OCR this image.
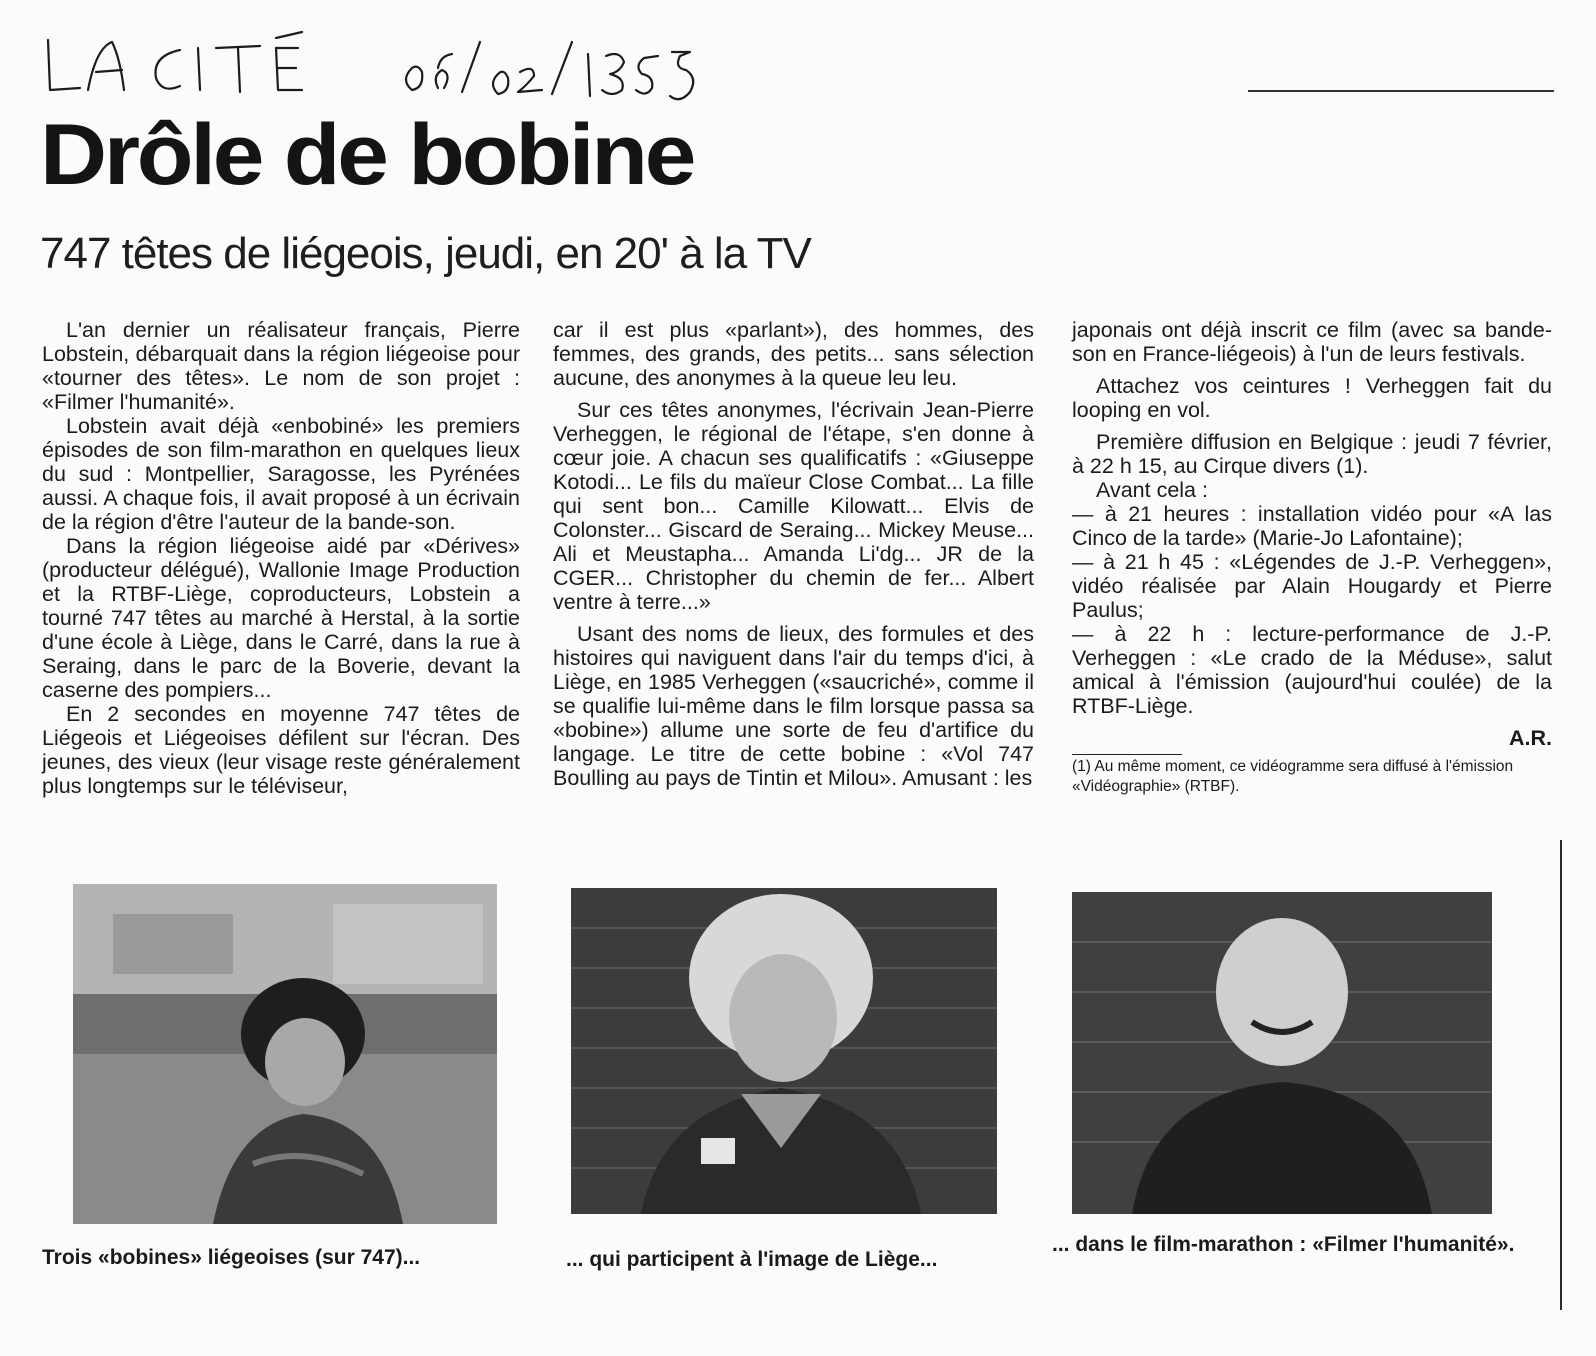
Drôle de bobine
747 têtes de liégeois, jeudi, en 20' à la TV

L'an dernier un réalisateur français, Pierre Lobstein, débarquait dans la région liégeoise pour «tourner des têtes». Le nom de son projet : «Filmer l'humanité».

Lobstein avait déjà «enbobiné» les premiers épisodes de son film-marathon en quelques lieux du sud : Montpellier, Saragosse, les Pyrénées aussi. A chaque fois, il avait proposé à un écrivain de la région d'être l'auteur de la bande-son.

Dans la région liégeoise aidé par «Dérives» (producteur délégué), Wallonie Image Production et la RTBF-Liège, coproducteurs, Lobstein a tourné 747 têtes au marché à Herstal, à la sortie d'une école à Liège, dans le Carré, dans la rue à Seraing, dans le parc de la Boverie, devant la caserne des pompiers...

En 2 secondes en moyenne 747 têtes de Liégeois et Liégeoises défilent sur l'écran. Des jeunes, des vieux (leur visage reste généralement plus longtemps sur le téléviseur,

car il est plus «parlant»), des hommes, des femmes, des grands, des petits... sans sélection aucune, des anonymes à la queue leu leu.

Sur ces têtes anonymes, l'écrivain Jean-Pierre Verheggen, le régional de l'étape, s'en donne à cœur joie. A chacun ses qualificatifs : «Giuseppe Kotodi... Le fils du maïeur Close Combat... La fille qui sent bon... Camille Kilowatt... Elvis de Colonster... Giscard de Seraing... Mickey Meuse... Ali et Meustapha... Amanda Li'dg... JR de la CGER... Christopher du chemin de fer... Albert ventre à terre...»

Usant des noms de lieux, des formules et des histoires qui naviguent dans l'air du temps d'ici, à Liège, en 1985 Verheggen («saucriché», comme il se qualifie lui-même dans le film lorsque passa sa «bobine») allume une sorte de feu d'artifice du langage. Le titre de cette bobine : «Vol 747 Boulling au pays de Tintin et Milou». Amusant : les

japonais ont déjà inscrit ce film (avec sa bande-son en France-liégeois) à l'un de leurs festivals.

Attachez vos ceintures ! Verheggen fait du looping en vol.

Première diffusion en Belgique : jeudi 7 février, à 22 h 15, au Cirque divers (1).

Avant cela :

— à 21 heures : installation vidéo pour «A las Cinco de la tarde» (Marie-Jo Lafontaine);

— à 21 h 45 : «Légendes de J.-P. Verheggen», vidéo réalisée par Alain Hougardy et Pierre Paulus;

— à 22 h : lecture-performance de J.-P. Verheggen : «Le crado de la Méduse», salut amical à l'émission (aujourd'hui coulée) de la RTBF-Liège.

A.R.

(1) Au même moment, ce vidéogramme sera diffusé à l'émission «Vidéographie» (RTBF).

Trois «bobines» liégeoises (sur 747)...	... qui participent à l'image de Liège...
... dans le film-marathon : «Filmer l'humanité».
